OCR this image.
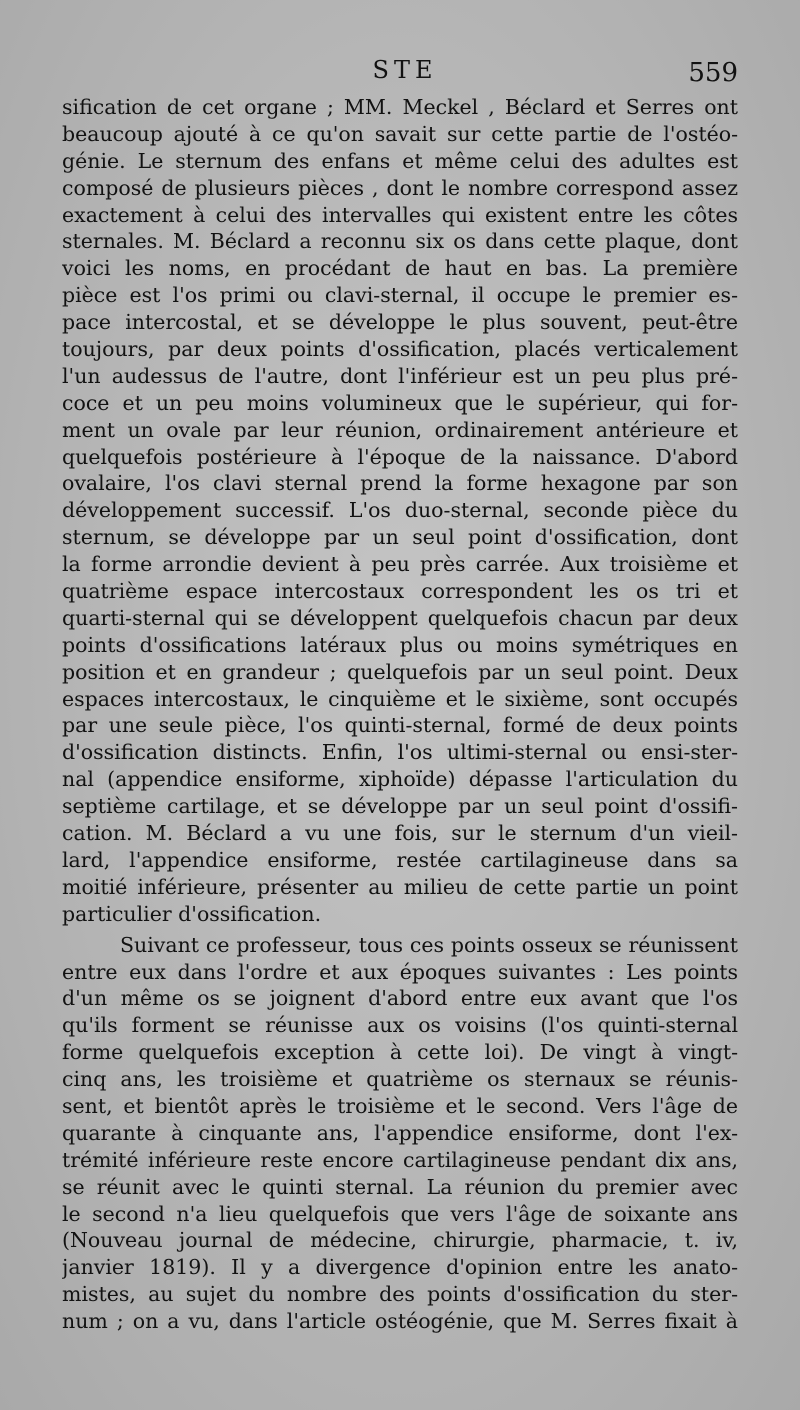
STE	559
sification de cet organe ; MM. Meckel , Béclard et Serres ont
beaucoup ajouté à ce qu'on savait sur cette partie de l'ostéo-
génie. Le sternum des enfans et même celui des adultes est
composé de plusieurs pièces , dont le nombre correspond assez
exactement à celui des intervalles qui existent entre les côtes
sternales. M. Béclard a reconnu six os dans cette plaque, dont
voici les noms, en procédant de haut en bas. La première
pièce est l'os primi ou clavi-sternal, il occupe le premier es-
pace intercostal, et se développe le plus souvent, peut-être
toujours, par deux points d'ossification, placés verticalement
l'un audessus de l'autre, dont l'inférieur est un peu plus pré-
coce et un peu moins volumineux que le supérieur, qui for-
ment un ovale par leur réunion, ordinairement antérieure et
quelquefois postérieure à l'époque de la naissance. D'abord
ovalaire, l'os clavi sternal prend la forme hexagone par son
développement successif. L'os duo-sternal, seconde pièce du
sternum, se développe par un seul point d'ossification, dont
la forme arrondie devient à peu près carrée. Aux troisième et
quatrième espace intercostaux correspondent les os tri et
quarti-sternal qui se développent quelquefois chacun par deux
points d'ossifications latéraux plus ou moins symétriques en
position et en grandeur ; quelquefois par un seul point. Deux
espaces intercostaux, le cinquième et le sixième, sont occupés
par une seule pièce, l'os quinti-sternal, formé de deux points
d'ossification distincts. Enfin, l'os ultimi-sternal ou ensi-ster-
nal (appendice ensiforme, xiphoïde) dépasse l'articulation du
septième cartilage, et se développe par un seul point d'ossifi-
cation. M. Béclard a vu une fois, sur le sternum d'un vieil-
lard, l'appendice ensiforme, restée cartilagineuse dans sa
moitié inférieure, présenter au milieu de cette partie un point
particulier d'ossification.
Suivant ce professeur, tous ces points osseux se réunissent
entre eux dans l'ordre et aux époques suivantes : Les points
d'un même os se joignent d'abord entre eux avant que l'os
qu'ils forment se réunisse aux os voisins (l'os quinti-sternal
forme quelquefois exception à cette loi). De vingt à vingt-
cinq ans, les troisième et quatrième os sternaux se réunis-
sent, et bientôt après le troisième et le second. Vers l'âge de
quarante à cinquante ans, l'appendice ensiforme, dont l'ex-
trémité inférieure reste encore cartilagineuse pendant dix ans,
se réunit avec le quinti sternal. La réunion du premier avec
le second n'a lieu quelquefois que vers l'âge de soixante ans
(Nouveau journal de médecine, chirurgie, pharmacie, t. iv,
janvier 1819). Il y a divergence d'opinion entre les anato-
mistes, au sujet du nombre des points d'ossification du ster-
num ; on a vu, dans l'article ostéogénie, que M. Serres fixait à
